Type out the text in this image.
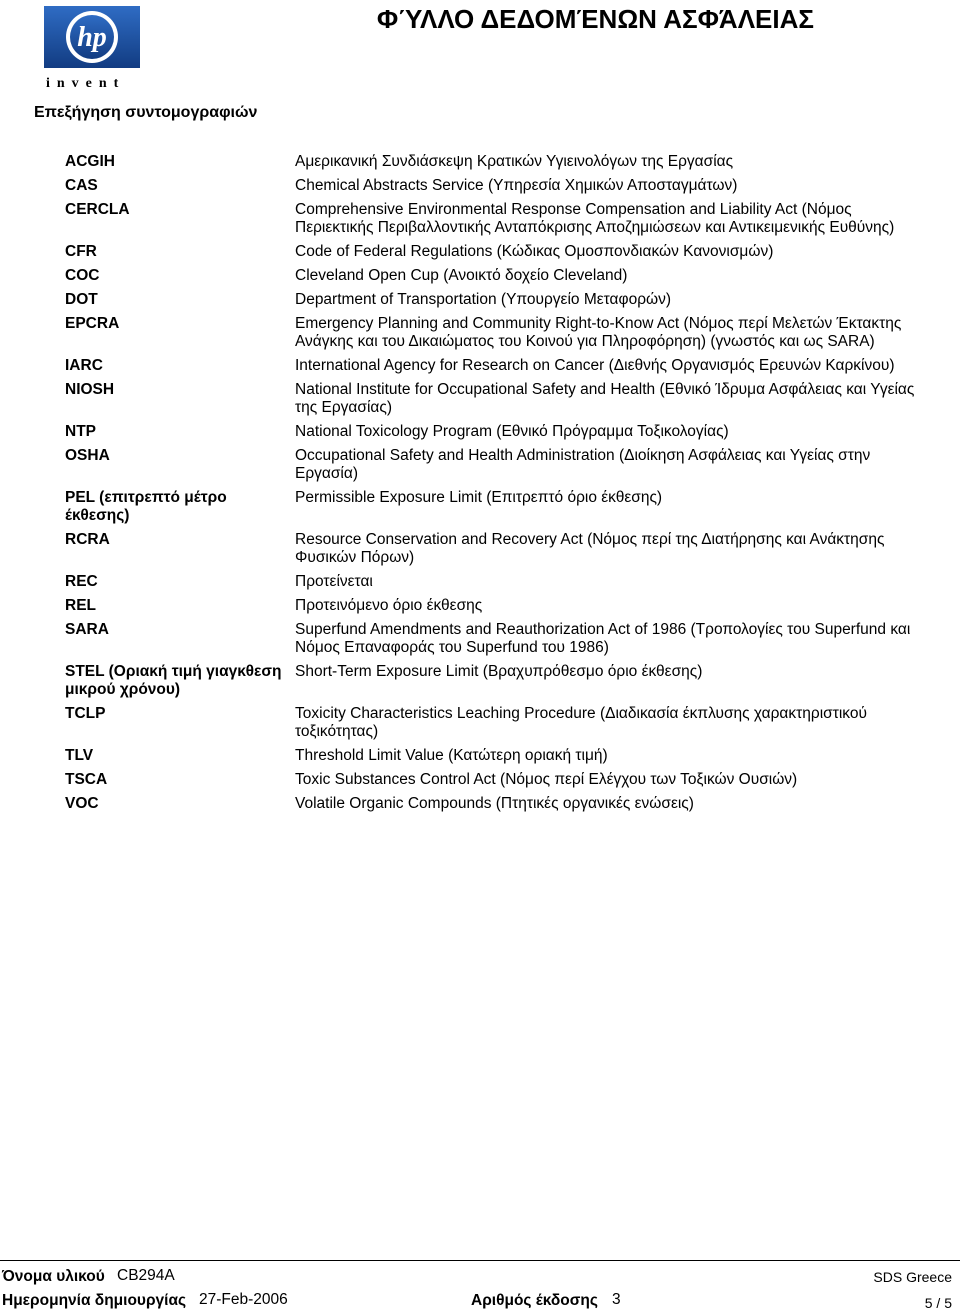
hp
invent
ΦΎΛΛΟ ΔΕΔΟΜΈΝΩΝ ΑΣΦΆΛΕΙΑΣ
Επεξήγηση συντομογραφιών
ACGIH	Αμερικανική Συνδιάσκεψη Κρατικών Υγιεινολόγων της Εργασίας
CAS	Chemical Abstracts Service (Υπηρεσία Χημικών Αποσταγμάτων)
CERCLA	Comprehensive Environmental Response Compensation and Liability Act (Νόμος Περιεκτικής Περιβαλλοντικής Ανταπόκρισης Αποζημιώσεων και Αντικειμενικής Ευθύνης)
CFR	Code of Federal Regulations (Κώδικας Ομοσπονδιακών Κανονισμών)
COC	Cleveland Open Cup (Ανοικτό δοχείο Cleveland)
DOT	Department of Transportation (Υπουργείο Μεταφορών)
EPCRA	Emergency Planning and Community Right-to-Know Act (Νόμος περί Μελετών Έκτακτης Ανάγκης και του Δικαιώματος του Κοινού για Πληροφόρηση) (γνωστός και ως SARA)
IARC	International Agency for Research on Cancer (Διεθνής Οργανισμός Ερευνών Καρκίνου)
NIOSH	National Institute for Occupational Safety and Health (Εθνικό Ίδρυμα Ασφάλειας και Υγείας της Εργασίας)
NTP	National Toxicology Program (Εθνικό Πρόγραμμα Τοξικολογίας)
OSHA	Occupational Safety and Health Administration (Διοίκηση Ασφάλειας και Υγείας στην Εργασία)
PEL (επιτρεπτό μέτρο έκθεσης)	Permissible Exposure Limit (Επιτρεπτό όριο έκθεσης)
RCRA	Resource Conservation and Recovery Act (Νόμος περί της Διατήρησης και Ανάκτησης Φυσικών Πόρων)
REC	Προτείνεται
REL	Προτεινόμενο όριο έκθεσης
SARA	Superfund Amendments and Reauthorization Act of 1986 (Τροπολογίες του Superfund και Νόμος Επαναφοράς του Superfund του 1986)
STEL (Οριακή τιμή γιαγκθεση μικρού χρόνου)	Short-Term Exposure Limit (Βραχυπρόθεσμο όριο έκθεσης)
TCLP	Toxicity Characteristics Leaching Procedure (Διαδικασία έκπλυσης χαρακτηριστικού τοξικότητας)
TLV	Threshold Limit Value (Κατώτερη οριακή τιμή)
TSCA	Toxic Substances Control Act (Νόμος περί Ελέγχου των Τοξικών Ουσιών)
VOC	Volatile Organic Compounds (Πτητικές οργανικές ενώσεις)
Όνομα υλικού CB294A	SDS Greece
Ημερομηνία δημιουργίας 27-Feb-2006	Αριθμός έκδοσης 3	5 / 5
